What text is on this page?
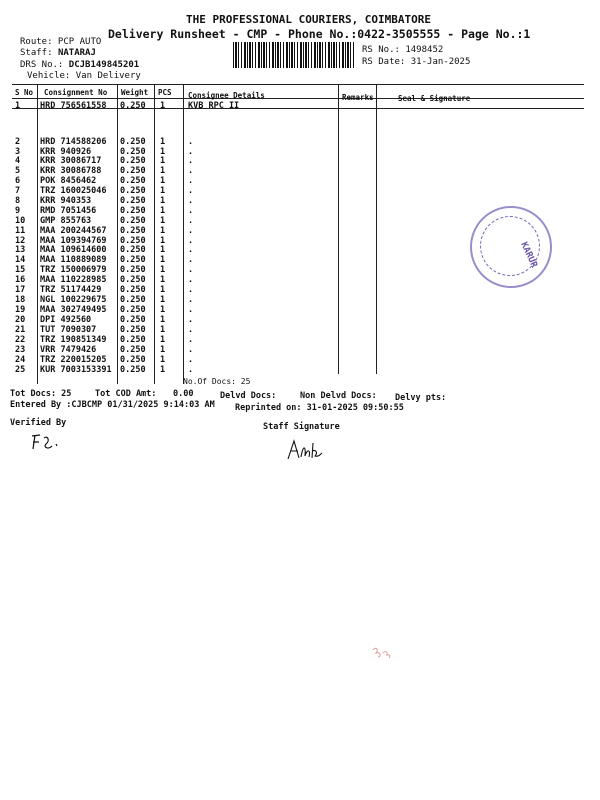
THE PROFESSIONAL COURIERS, COIMBATORE
Delivery Runsheet - CMP - Phone No.:0422-3505555 - Page No.:1
Route: PCP AUTO
Staff: NATARAJ
DRS No.: DCJB149845201
Vehicle: Van Delivery
RS No.: 1498452
RS Date: 31-Jan-2025
S No Consignment No Weight PCS Consignee Details	Remarks	Seal & Signature
1 HRD 756561558 0.250 1	KVB RPC II
2 HRD 714588206 0.250 1	.
3 KRR 940926	0.250 1	.
4 KRR 30086717 0.250 1	.
5 KRR 30086788 0.250 1	.
6 POK 8456462	0.250 1	.
7 TRZ 160025046 0.250 1	.
8 KRR 940353	0.250 1	.
9 RMD 7051456	0.250 1	.
10 GMP 855763	0.250 1	.
11 MAA 200244567 0.250 1	.
12 MAA 109394769 0.250 1	.
13 MAA 109614600 0.250 1	.
14 MAA 110889089 0.250 1	.
15 TRZ 150006979 0.250 1	.
16 MAA 110228985 0.250 1	.
17 TRZ 51174429 0.250 1	.
18 NGL 100229675 0.250 1	.
19 MAA 302749495 0.250 1	.
20 DPI 492560	0.250 1	.
21 TUT 7090307	0.250 1	.
22 TRZ 190851349 0.250 1	.
23 VRR 7479426	0.250 1	.
24 TRZ 220015205 0.250 1	.
25 KUR 7003153391 0.250 1	.
No.Of Docs: 25
KARUR
Tot Docs: 25	Tot COD Amt: 0.00	Delvd Docs:	Non Delvd Docs: Delvy pts:
Entered By :CJBCMP 01/31/2025 9:14:03 AM Reprinted on: 31-01-2025 09:50:55
Verified By	Staff Signature
